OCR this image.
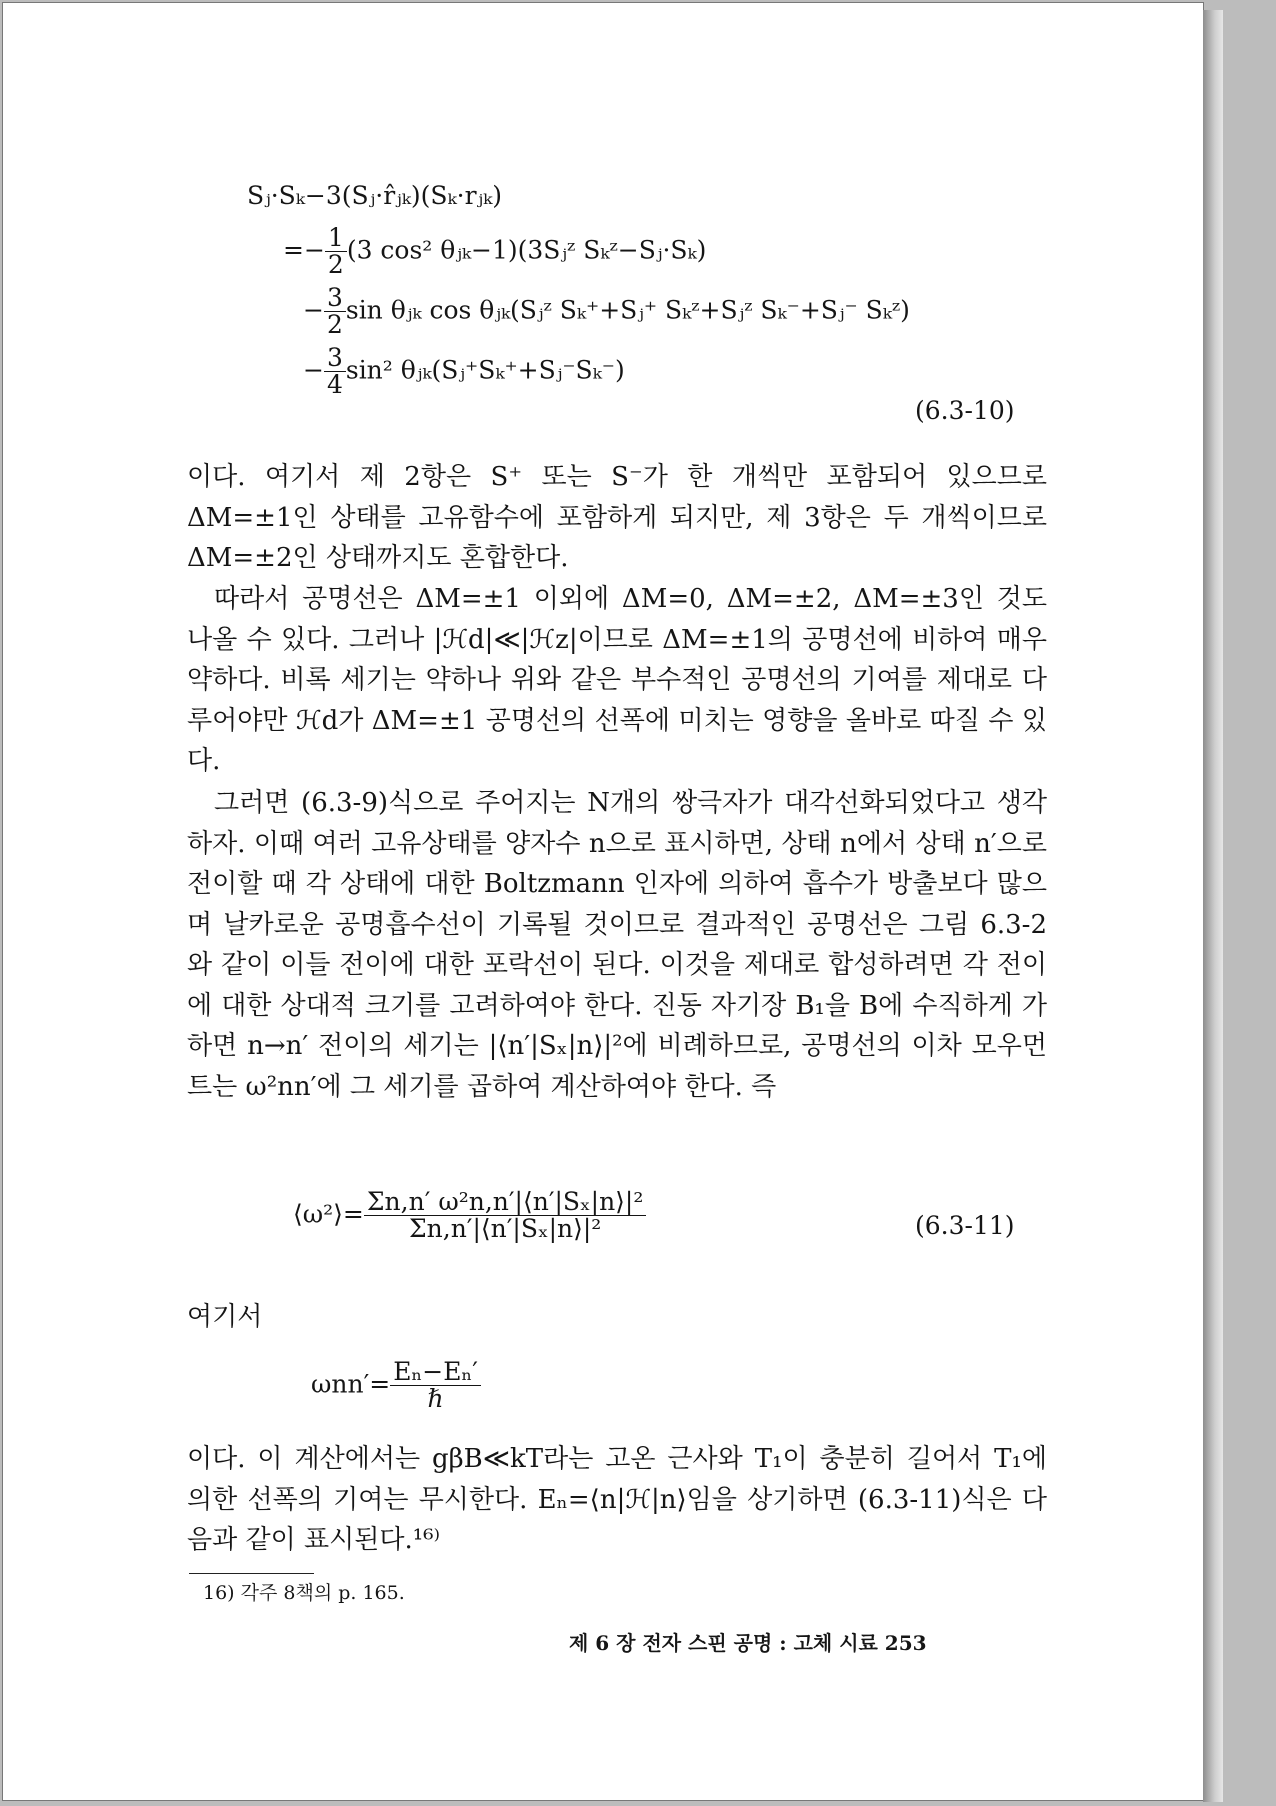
Sⱼ·Sₖ−3(Sⱼ·r̂ⱼₖ)(Sₖ·rⱼₖ)
=− $\frac{1}{2} (3$ cos² θⱼₖ−1)(3Sⱼᶻ Sₖᶻ−Sⱼ·Sₖ)
− $\frac{3}{2}$ sin θⱼₖ cos θⱼₖ(Sⱼᶻ Sₖ⁺+Sⱼ⁺ Sₖᶻ+Sⱼᶻ Sₖ⁻+Sⱼ⁻ Sₖᶻ)
− $\frac{3}{4} \sin^2$ θⱼₖ(Sⱼ⁺Sₖ⁺+Sⱼ⁻Sₖ⁻)
(6.3-10)

이다. 여기서 제 2항은 S⁺ 또는 S⁻가 한 개씩만 포함되어 있으므로 ΔM=±1인 상태를 고유함수에 포함하게 되지만, 제 3항은 두 개씩이므로 ΔM=±2인 상태까지도 혼합한다.

따라서 공명선은 ΔM=±1 이외에 ΔM=0, ΔM=±2, ΔM=±3인 것도 나올 수 있다. 그러나 |ℋd|≪|ℋz|이므로 ΔM=±1의 공명선에 비하여 매우 약하다. 비록 세기는 약하나 위와 같은 부수적인 공명선의 기여를 제대로 다루어야만 ℋd가 ΔM=±1 공명선의 선폭에 미치는 영향을 올바로 따질 수 있다.

그러면 (6.3-9)식으로 주어지는 N개의 쌍극자가 대각선화되었다고 생각하자. 이때 여러 고유상태를 양자수 n으로 표시하면, 상태 n에서 상태 n′으로 전이할 때 각 상태에 대한 Boltzmann 인자에 의하여 흡수가 방출보다 많으며 날카로운 공명흡수선이 기록될 것이므로 결과적인 공명선은 그림 6.3-2와 같이 이들 전이에 대한 포락선이 된다. 이것을 제대로 합성하려면 각 전이에 대한 상대적 크기를 고려하여야 한다. 진동 자기장 B₁을 B에 수직하게 가하면 n→n′ 전이의 세기는 |⟨n′|Sₓ|n⟩|²에 비례하므로, 공명선의 이차 모우먼트는 ω²nn′에 그 세기를 곱하여 계산하여야 한다. 즉

⟨ω²⟩= $\frac{\text{Σn,n′ ω²n,n′|⟨n′|Sₓ|n⟩|²}}{\text{Σn,n′|⟨n′|Sₓ|n⟩|²}}$	(6.3-11)
여기서
$\omega nn'= \frac{\text{Eₙ−Eₙ′}}{\text{ℏ}}$

이다. 이 계산에서는 gβB≪kT라는 고온 근사와 T₁이 충분히 길어서 T₁에 의한 선폭의 기여는 무시한다. Eₙ=⟨n|ℋ|n⟩임을 상기하면 (6.3-11)식은 다음과 같이 표시된다.¹⁶⁾

16) 각주 8책의 p. 165.
제 6 장 전자 스핀 공명 : 고체 시료 253
